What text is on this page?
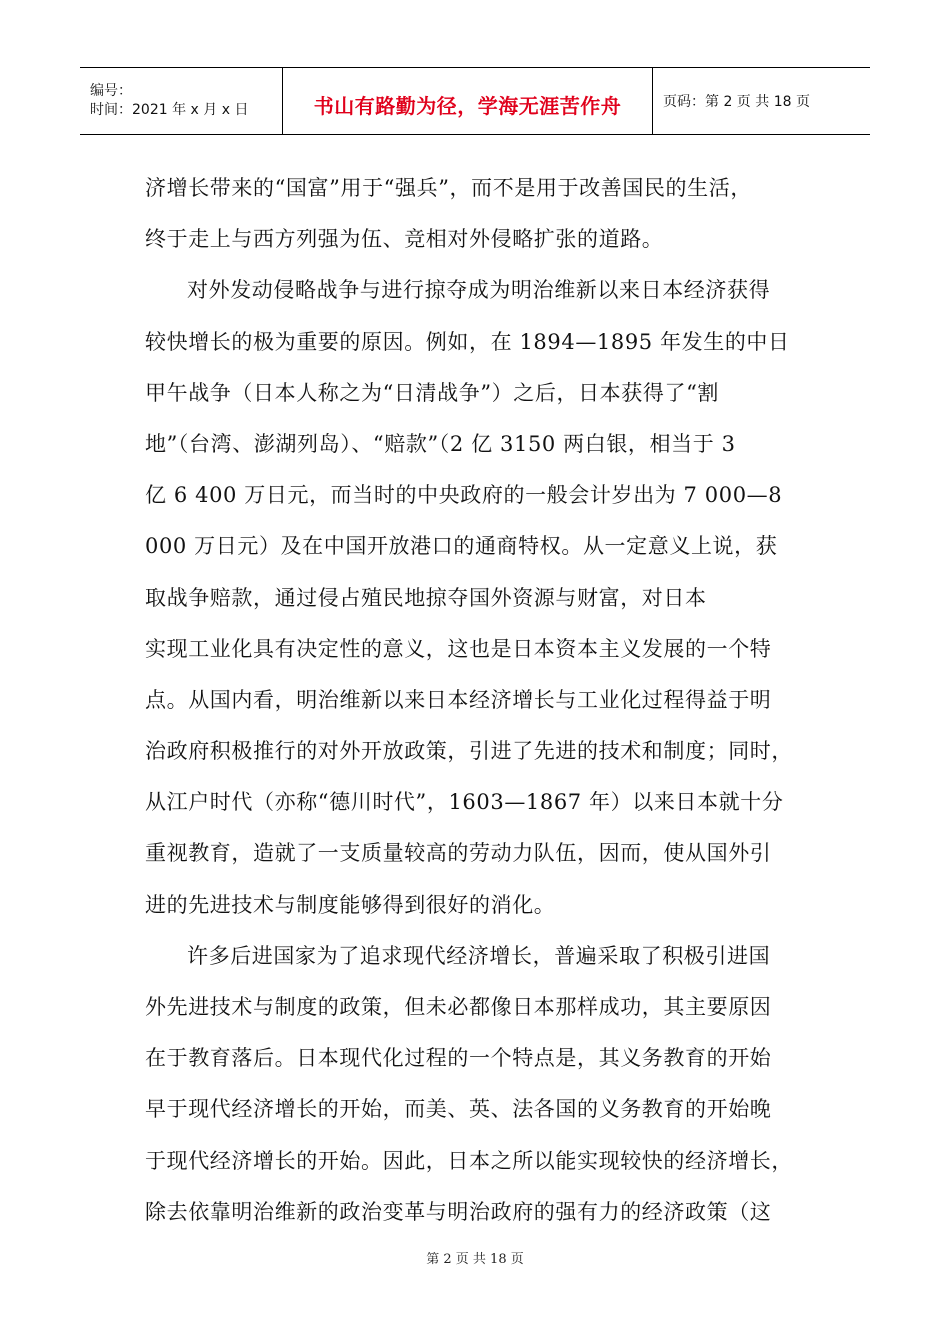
编号：
时间：2021 年 x 月 x 日	书山有路勤为径，学海无涯苦作舟	页码：第 2 页 共 18 页
济增长带来的“国富”用于“强兵”，而不是用于改善国民的生活，
终于走上与西方列强为伍、竞相对外侵略扩张的道路。
对外发动侵略战争与进行掠夺成为明治维新以来日本经济获得
较快增长的极为重要的原因。例如，在 1894—1895 年发生的中日
甲午战争（日本人称之为“日清战争”）之后，日本获得了“割
地”（台湾、澎湖列岛）、“赔款”（2 亿 3150 两白银，相当于 3
亿 6 400 万日元，而当时的中央政府的一般会计岁出为 7 000—8
000 万日元）及在中国开放港口的通商特权。从一定意义上说，获
取战争赔款，通过侵占殖民地掠夺国外资源与财富，对日本
实现工业化具有决定性的意义，这也是日本资本主义发展的一个特
点。从国内看，明治维新以来日本经济增长与工业化过程得益于明
治政府积极推行的对外开放政策，引进了先进的技术和制度；同时，
从江户时代（亦称“德川时代”，1603—1867 年）以来日本就十分
重视教育，造就了一支质量较高的劳动力队伍，因而，使从国外引
进的先进技术与制度能够得到很好的消化。
许多后进国家为了追求现代经济增长，普遍采取了积极引进国
外先进技术与制度的政策，但未必都像日本那样成功，其主要原因
在于教育落后。日本现代化过程的一个特点是，其义务教育的开始
早于现代经济增长的开始，而美、英、法各国的义务教育的开始晚
于现代经济增长的开始。因此，日本之所以能实现较快的经济增长，
除去依靠明治维新的政治变革与明治政府的强有力的经济政策（这
第 2 页 共 18 页
